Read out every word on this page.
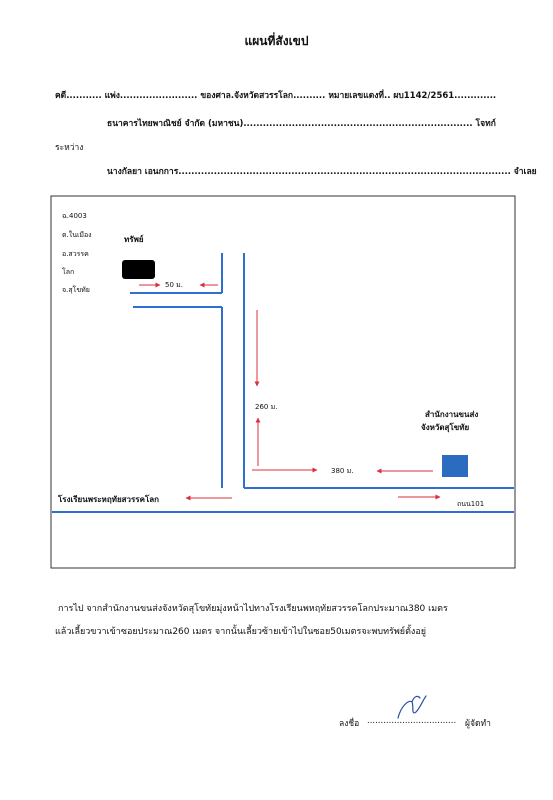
แผนที่สังเขป
คดี........... แพ่ง........................ ของศาล.จังหวัดสวรรโลก.......... หมายเลขแดงที่.. ผบ1142/2561.............
ธนาคารไทยพาณิชย์ จำกัด (มหาชน)....................................................................... โจทก์
ระหว่าง
นางกัลยา เอนกการ....................................................................................................... จำเลย
ฉ.4003
ต.ในเมือง
อ.สวรรค
โลก
จ.สุโขทัย
ทรัพย์
50 ม.
260 ม.
380 ม.
สำนักงานขนส่ง
จังหวัดสุโขทัย
โรงเรียนพระหฤทัยสวรรคโลก	ถนน101
การไป จากสำนักงานขนส่งจังหวัดสุโขทัยมุ่งหน้าไปทางโรงเรียนพหฤทัยสวรรคโลกประมาณ380 เมตร
แล้วเลี้ยวขวาเข้าซอยประมาณ260 เมตร จากนั้นเลี้ยวซ้ายเข้าไปในซอย50เมตรจะพบทรัพย์ตั้งอยู่
ลงชื่อ ................................. ผู้จัดทำ
